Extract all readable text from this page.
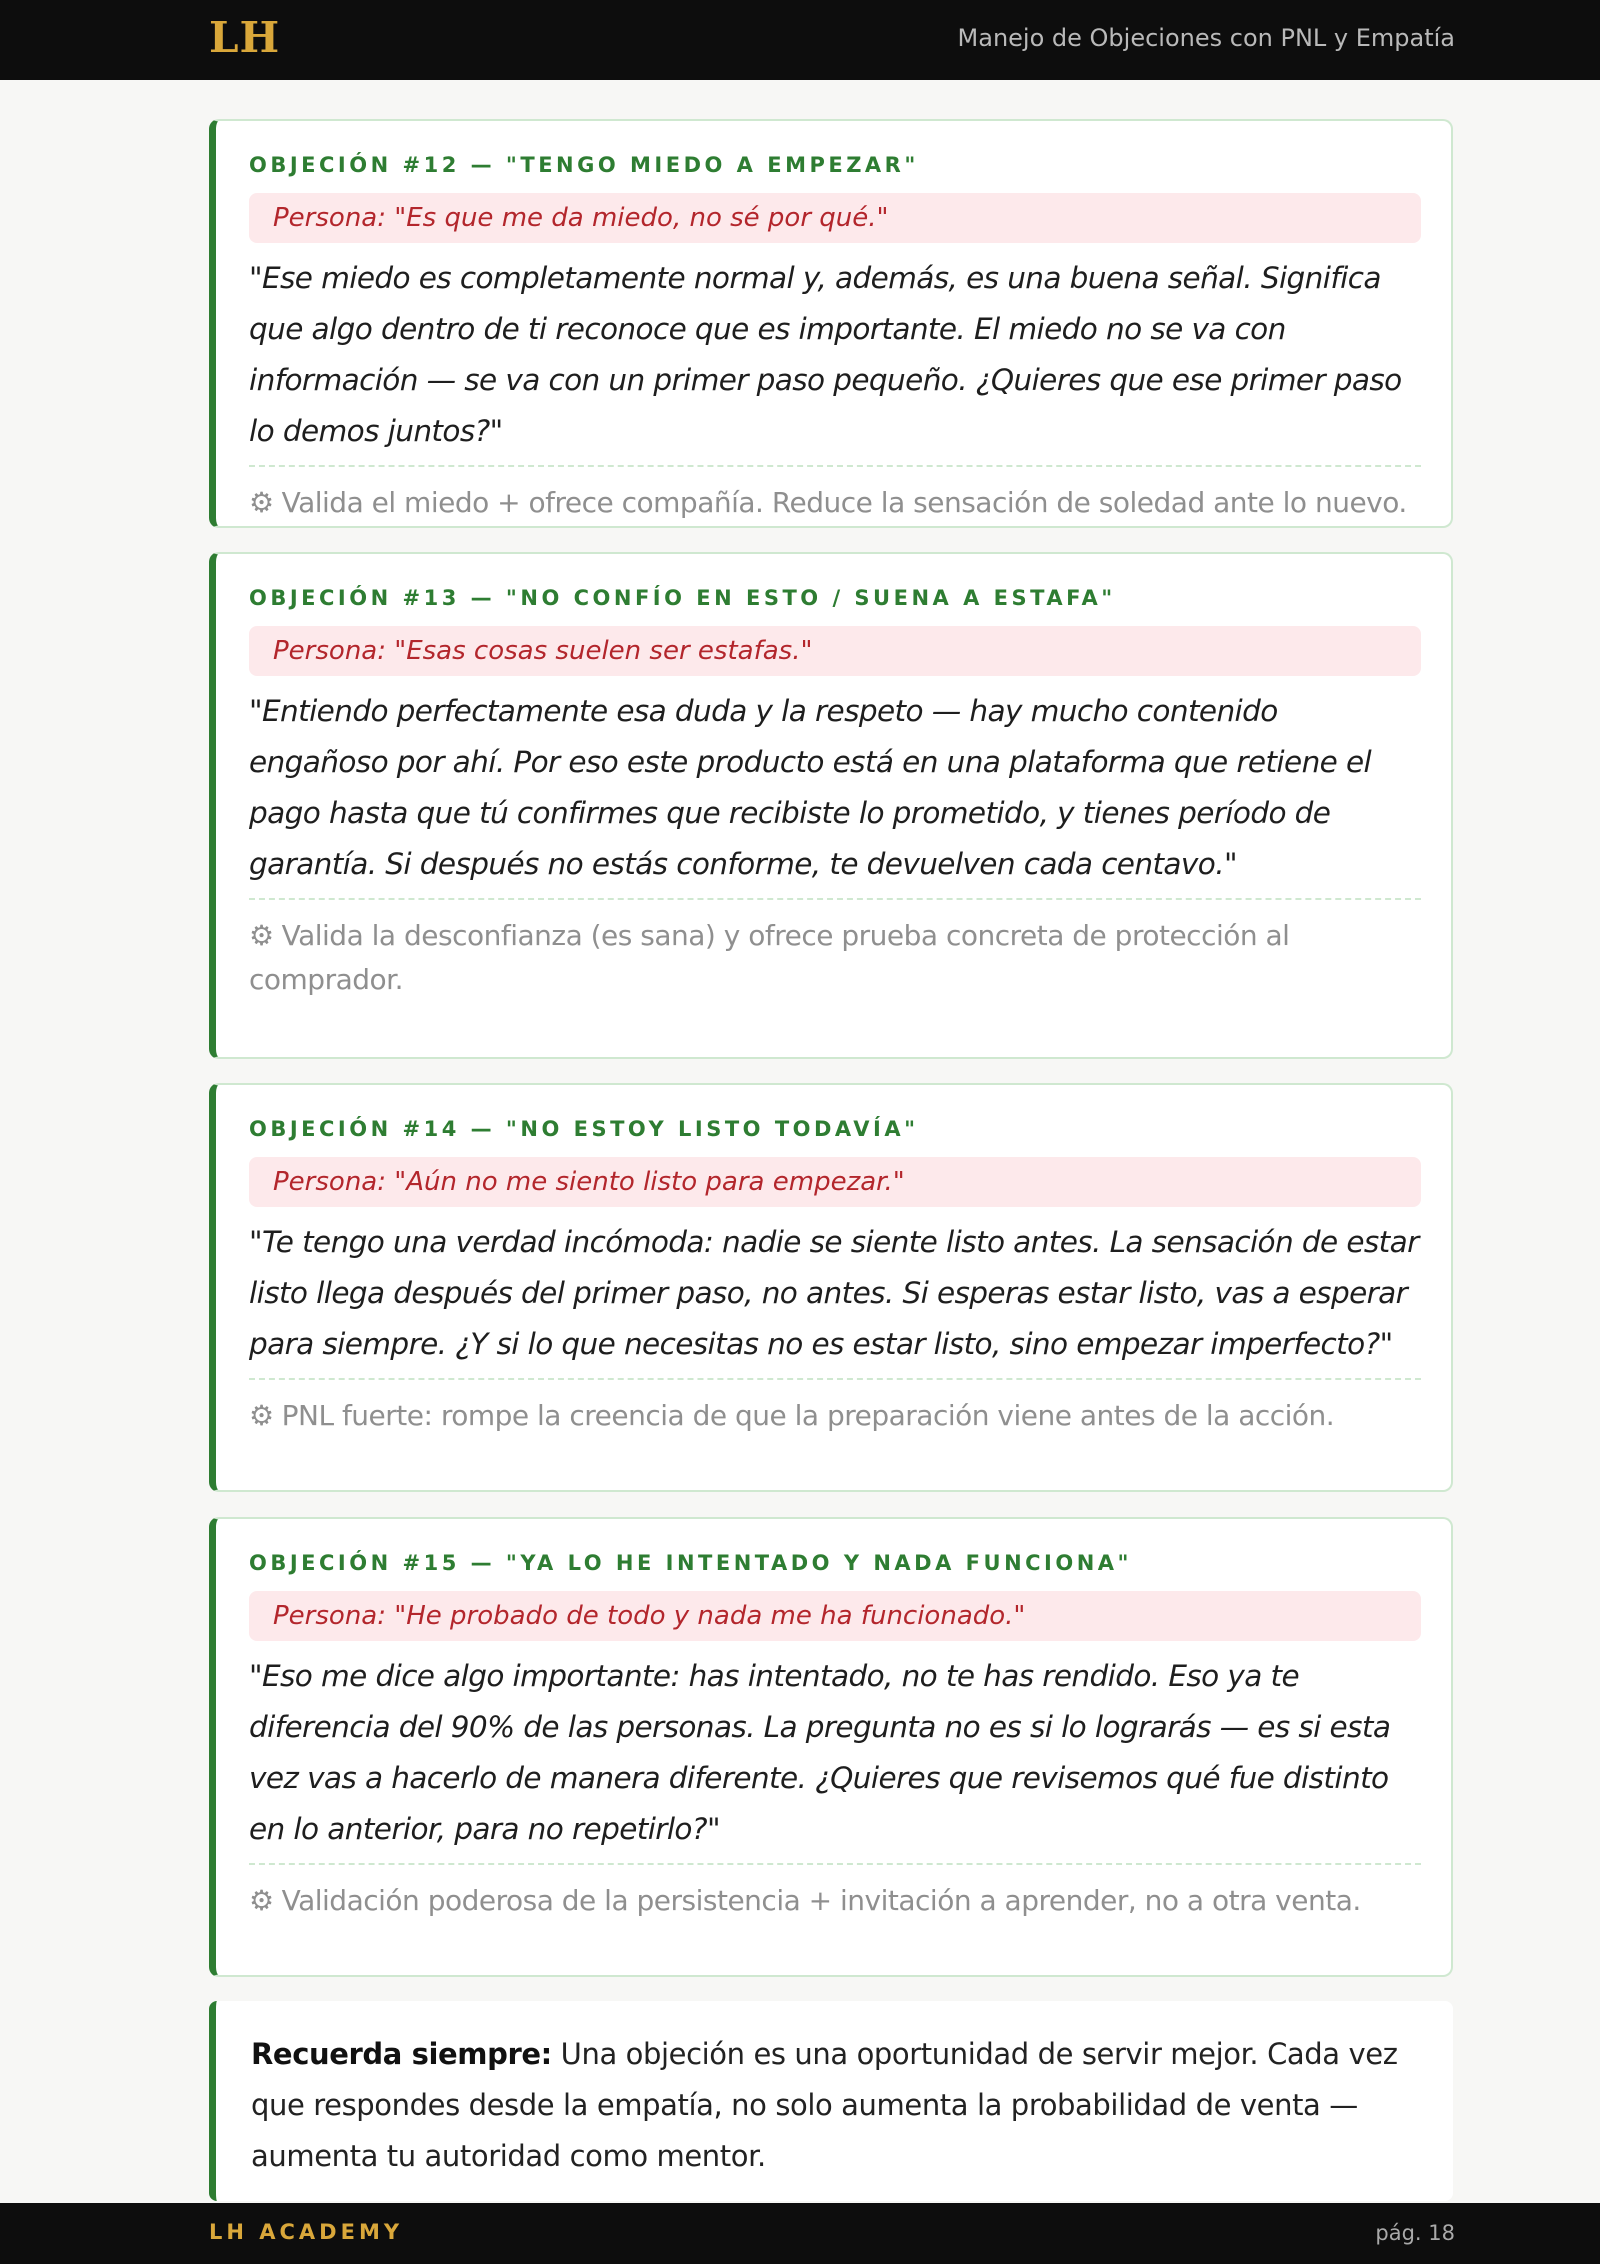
LH	Manejo de Objeciones con PNL y Empatía
OBJECIÓN #12 — "TENGO MIEDO A EMPEZAR"
Persona: "Es que me da miedo, no sé por qué."
"Ese miedo es completamente normal y, además, es una buena señal. Significa que algo dentro de ti reconoce que es importante. El miedo no se va con información — se va con un primer paso pequeño. ¿Quieres que ese primer paso lo demos juntos?"
⚙ Valida el miedo + ofrece compañía. Reduce la sensación de soledad ante lo nuevo.
OBJECIÓN #13 — "NO CONFÍO EN ESTO / SUENA A ESTAFA"
Persona: "Esas cosas suelen ser estafas."
"Entiendo perfectamente esa duda y la respeto — hay mucho contenido engañoso por ahí. Por eso este producto está en una plataforma que retiene el pago hasta que tú confirmes que recibiste lo prometido, y tienes período de garantía. Si después no estás conforme, te devuelven cada centavo."
⚙ Valida la desconfianza (es sana) y ofrece prueba concreta de protección al comprador.
OBJECIÓN #14 — "NO ESTOY LISTO TODAVÍA"
Persona: "Aún no me siento listo para empezar."
"Te tengo una verdad incómoda: nadie se siente listo antes. La sensación de estar listo llega después del primer paso, no antes. Si esperas estar listo, vas a esperar para siempre. ¿Y si lo que necesitas no es estar listo, sino empezar imperfecto?"
⚙ PNL fuerte: rompe la creencia de que la preparación viene antes de la acción.
OBJECIÓN #15 — "YA LO HE INTENTADO Y NADA FUNCIONA"
Persona: "He probado de todo y nada me ha funcionado."
"Eso me dice algo importante: has intentado, no te has rendido. Eso ya te diferencia del 90% de las personas. La pregunta no es si lo lograrás — es si esta vez vas a hacerlo de manera diferente. ¿Quieres que revisemos qué fue distinto en lo anterior, para no repetirlo?"
⚙ Validación poderosa de la persistencia + invitación a aprender, no a otra venta.
Recuerda siempre: Una objeción es una oportunidad de servir mejor. Cada vez que respondes desde la empatía, no solo aumenta la probabilidad de venta — aumenta tu autoridad como mentor.
LH ACADEMY	pág. 18
